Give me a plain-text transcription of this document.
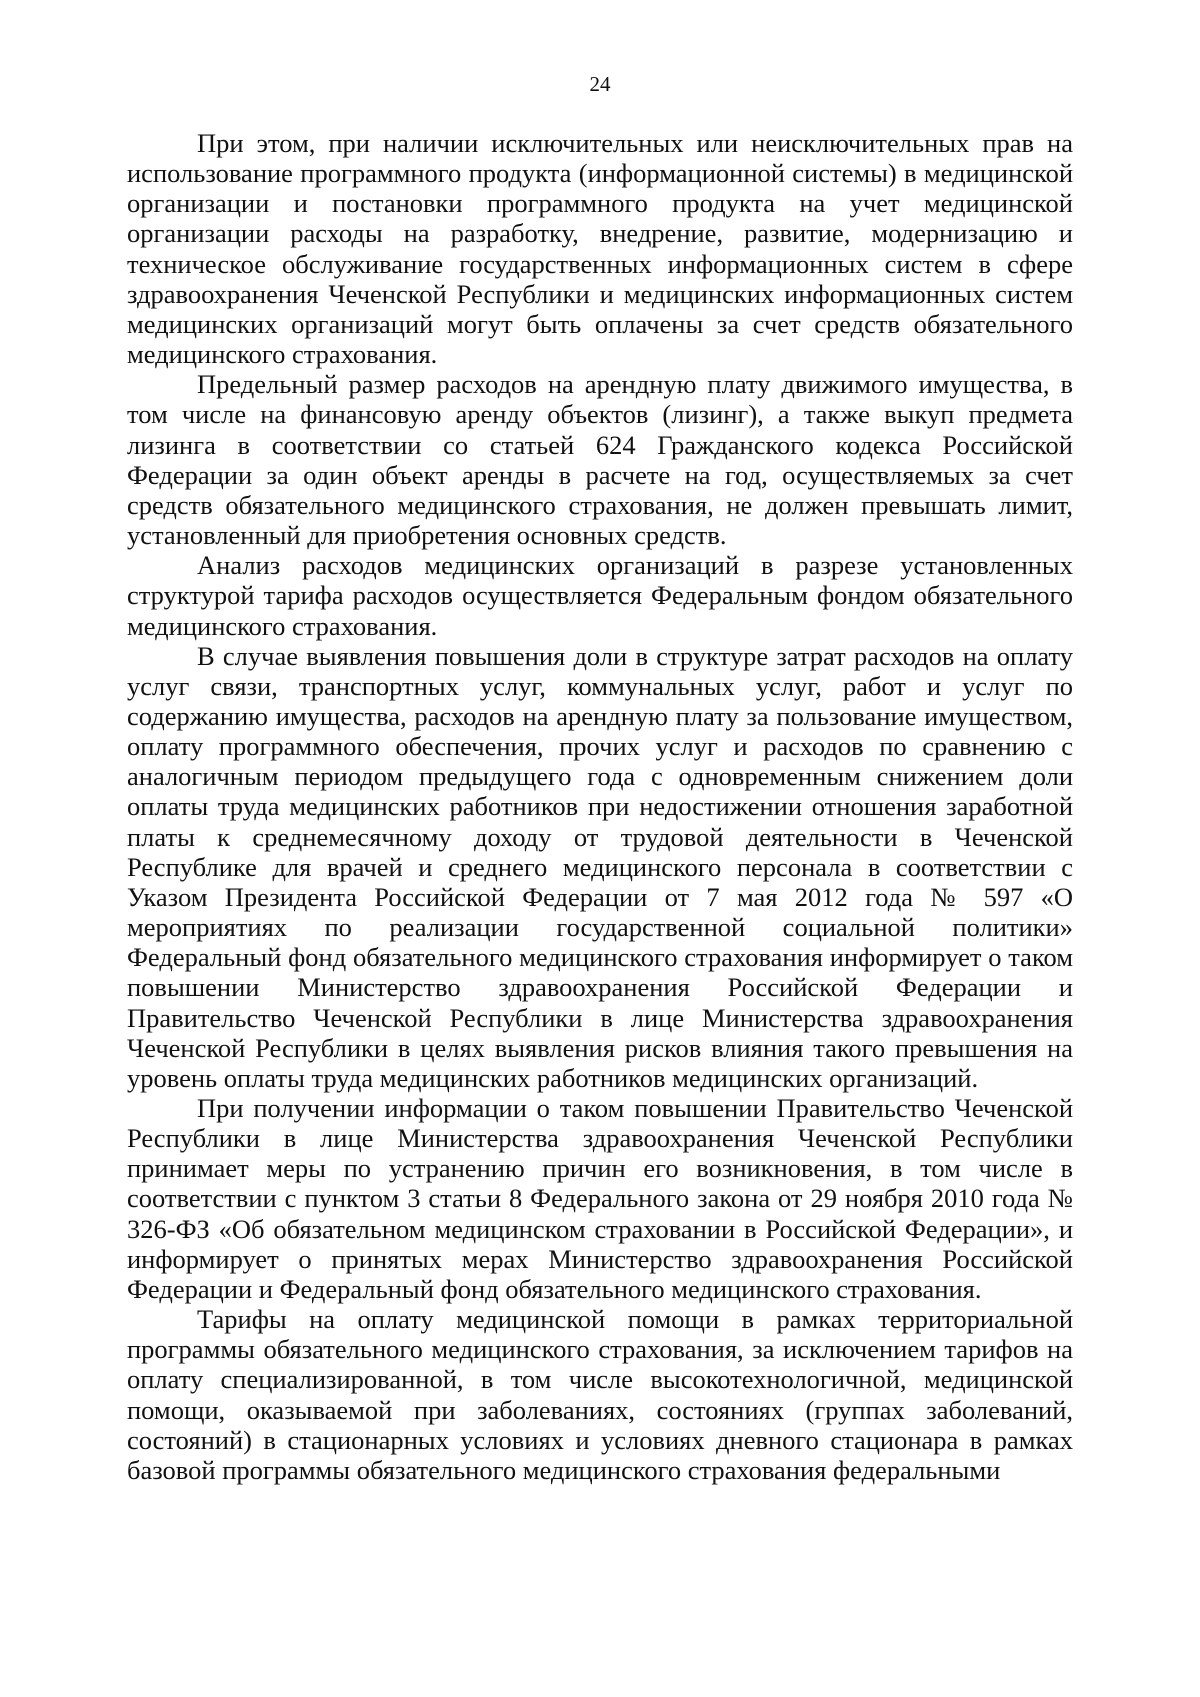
24

При этом, при наличии исключительных или неисключительных прав на использование программного продукта (информационной системы) в медицинской организации и постановки программного продукта на учет медицинской организации расходы на разработку, внедрение, развитие, модернизацию и техническое обслуживание государственных информационных систем в сфере здравоохранения Чеченской Республики и медицинских информационных систем медицинских организаций могут быть оплачены за счет средств обязательного медицинского страхования.

Предельный размер расходов на арендную плату движимого имущества, в том числе на финансовую аренду объектов (лизинг), а также выкуп предмета лизинга в соответствии со статьей 624 Гражданского кодекса Российской Федерации за один объект аренды в расчете на год, осуществляемых за счет средств обязательного медицинского страхования, не должен превышать лимит, установленный для приобретения основных средств.

Анализ расходов медицинских организаций в разрезе установленных структурой тарифа расходов осуществляется Федеральным фондом обязательного медицинского страхования.

В случае выявления повышения доли в структуре затрат расходов на оплату услуг связи, транспортных услуг, коммунальных услуг, работ и услуг по содержанию имущества, расходов на арендную плату за пользование имуществом, оплату программного обеспечения, прочих услуг и расходов по сравнению с аналогичным периодом предыдущего года с одновременным снижением доли оплаты труда медицинских работников при недостижении отношения заработной платы к среднемесячному доходу от трудовой деятельности в Чеченской Республике для врачей и среднего медицинского персонала в соответствии с Указом Президента Российской Федерации от 7 мая 2012 года № 597 «О мероприятиях по реализации государственной социальной политики» Федеральный фонд обязательного медицинского страхования информирует о таком повышении Министерство здравоохранения Российской Федерации и Правительство Чеченской Республики в лице Министерства здравоохранения Чеченской Республики в целях выявления рисков влияния такого превышения на уровень оплаты труда медицинских работников медицинских организаций.

При получении информации о таком повышении Правительство Чеченской Республики в лице Министерства здравоохранения Чеченской Республики принимает меры по устранению причин его возникновения, в том числе в соответствии с пунктом 3 статьи 8 Федерального закона от 29 ноября 2010 года № 326-ФЗ «Об обязательном медицинском страховании в Российской Федерации», и информирует о принятых мерах Министерство здравоохранения Российской Федерации и Федеральный фонд обязательного медицинского страхования.

Тарифы на оплату медицинской помощи в рамках территориальной программы обязательного медицинского страхования, за исключением тарифов на оплату специализированной, в том числе высокотехнологичной, медицинской помощи, оказываемой при заболеваниях, состояниях (группах заболеваний, состояний) в стационарных условиях и условиях дневного стационара в рамках базовой программы обязательного медицинского страхования федеральными
